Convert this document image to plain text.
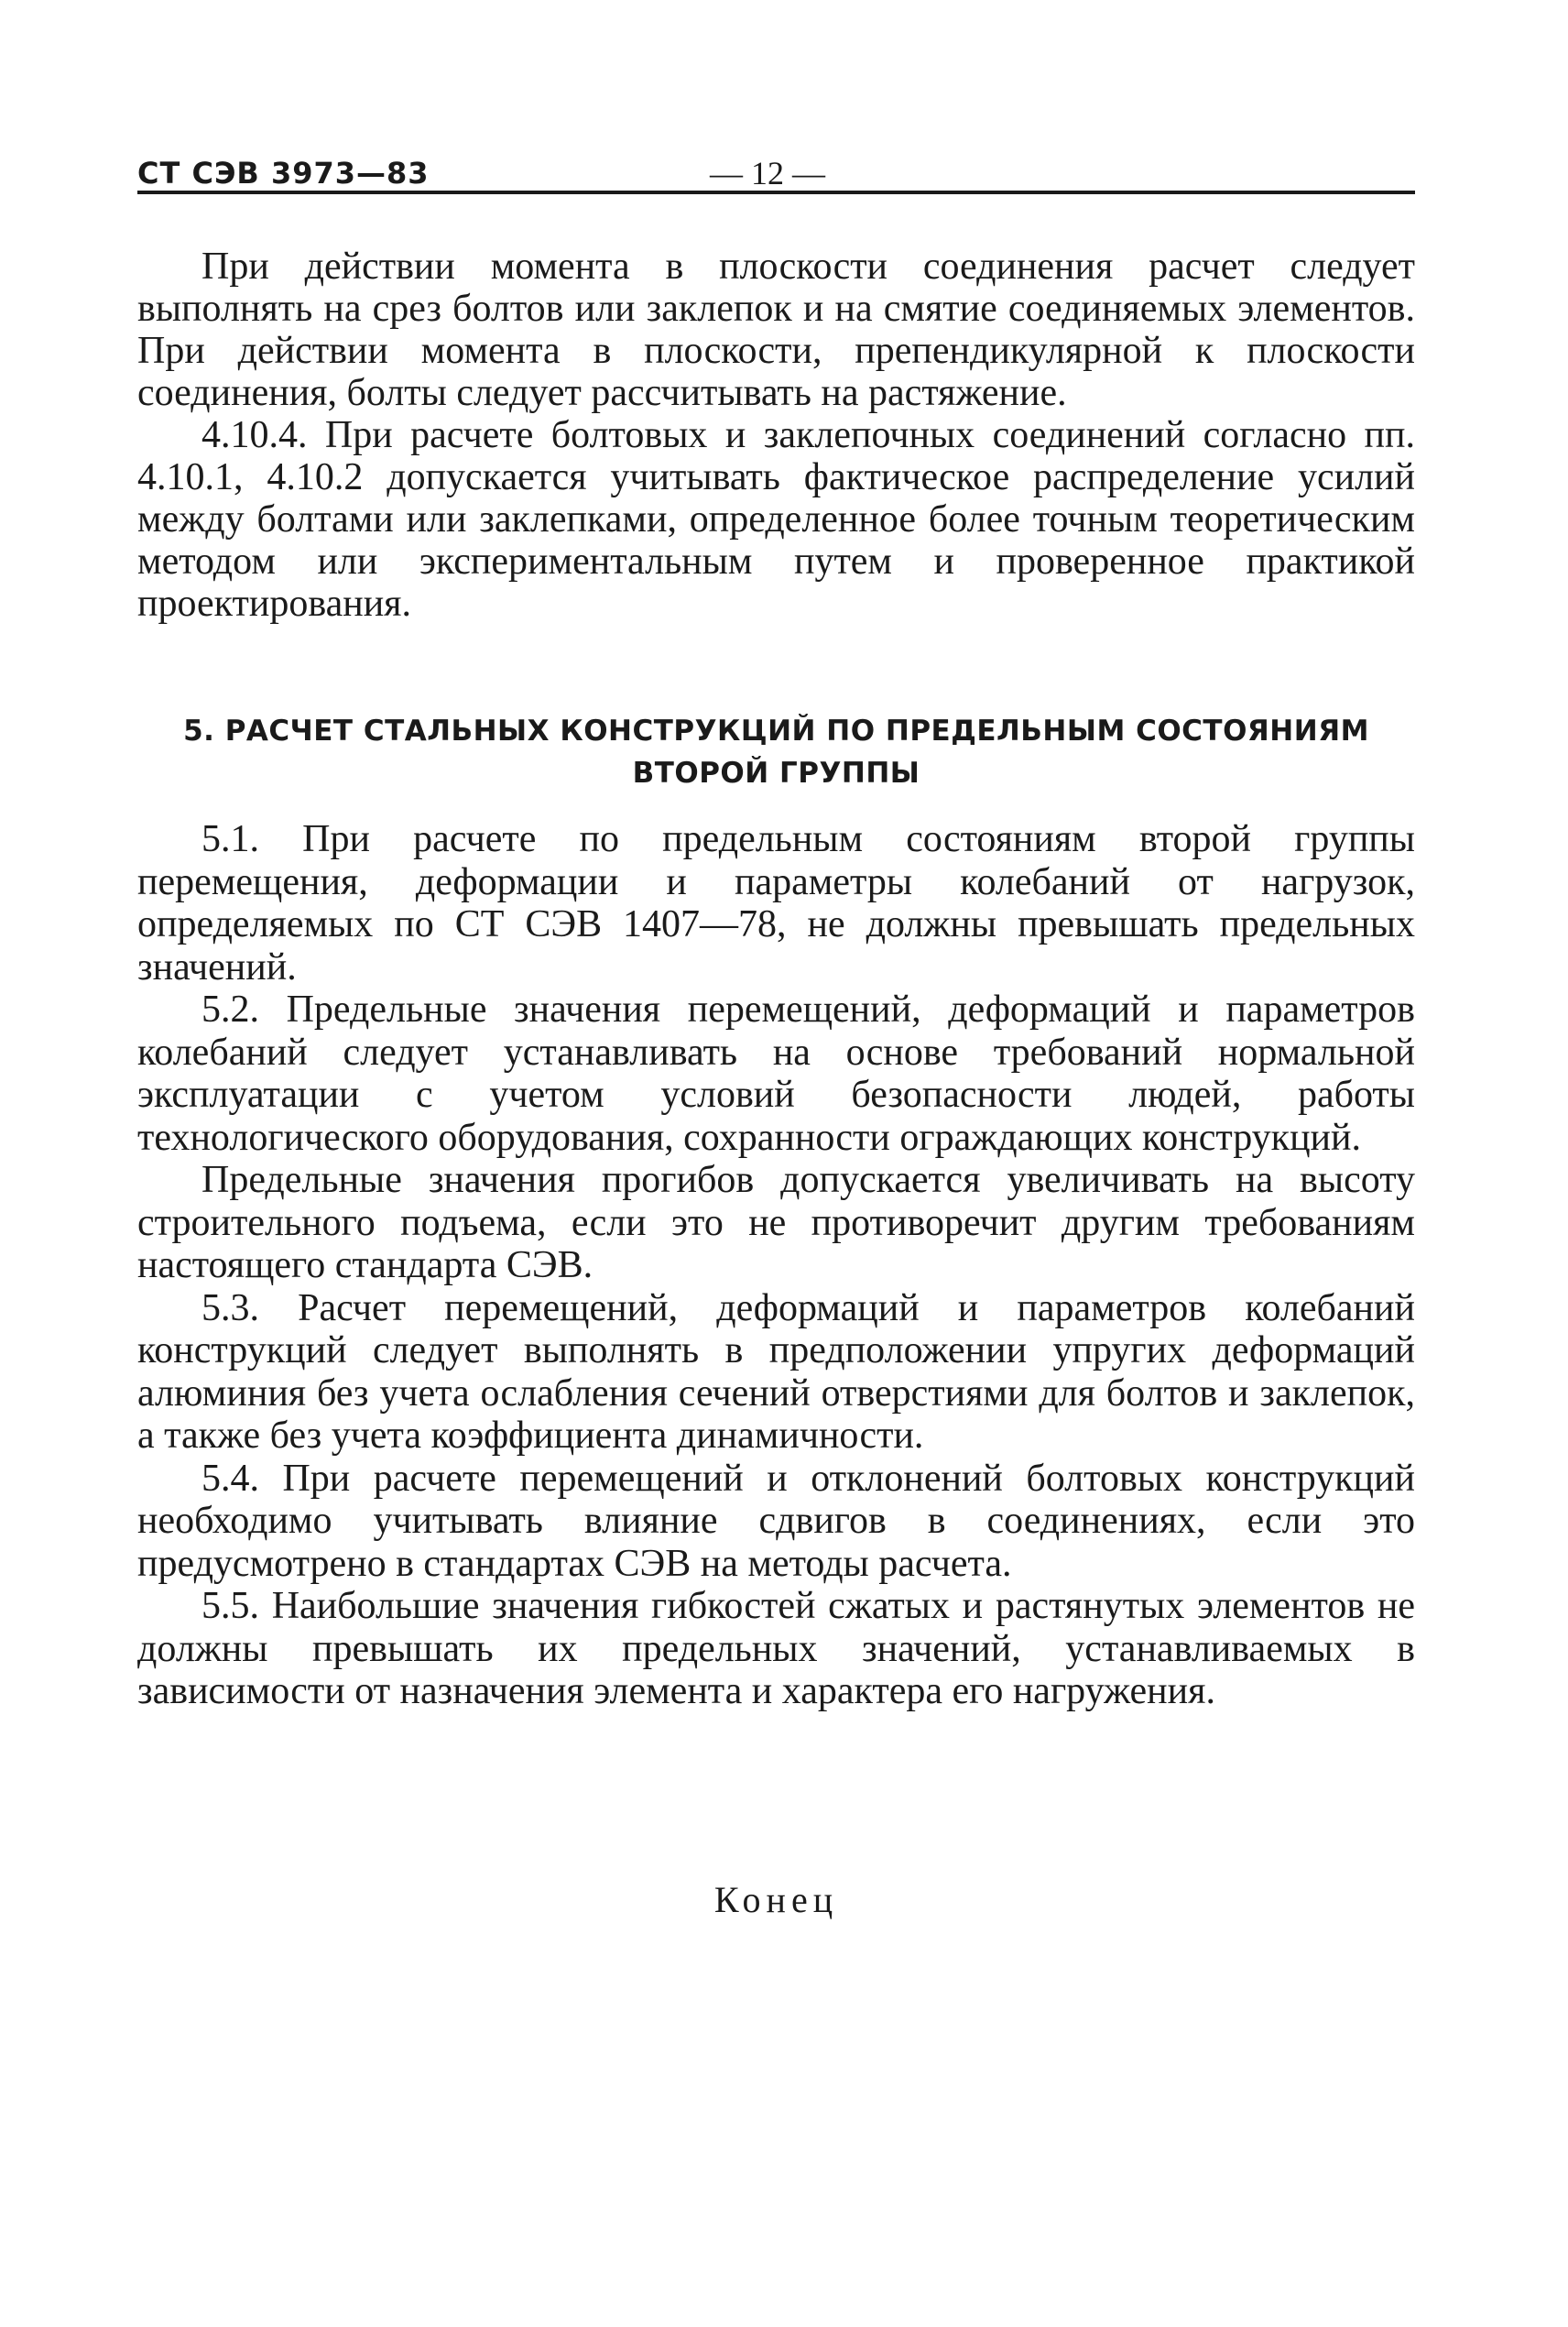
СТ СЭВ 3973—83	— 12 —

При действии момента в плоскости соединения расчет следует выполнять на срез болтов или заклепок и на смятие соединяемых элементов. При действии момента в плоскости, препендикулярной к плоскости соединения, болты следует рассчитывать на растяжение.

4.10.4. При расчете болтовых и заклепочных соединений согласно пп. 4.10.1, 4.10.2 допускается учитывать фактическое распределение усилий между болтами или заклепками, определенное более точным теоретическим методом или экспериментальным путем и проверенное практикой проектирования.

5. РАСЧЕТ СТАЛЬНЫХ КОНСТРУКЦИЙ ПО ПРЕДЕЛЬНЫМ СОСТОЯНИЯМ
ВТОРОЙ ГРУППЫ

5.1. При расчете по предельным состояниям второй группы перемещения, деформации и параметры колебаний от нагрузок, определяемых по СТ СЭВ 1407—78, не должны превышать предельных значений.

5.2. Предельные значения перемещений, деформаций и параметров колебаний следует устанавливать на основе требований нормальной эксплуатации с учетом условий безопасности людей, работы технологического оборудования, сохранности ограждающих конструкций.

Предельные значения прогибов допускается увеличивать на высоту строительного подъема, если это не противоречит другим требованиям настоящего стандарта СЭВ.

5.3. Расчет перемещений, деформаций и параметров колебаний конструкций следует выполнять в предположении упругих деформаций алюминия без учета ослабления сечений отверстиями для болтов и заклепок, а также без учета коэффициента динамичности.

5.4. При расчете перемещений и отклонений болтовых конструкций необходимо учитывать влияние сдвигов в соединениях, если это предусмотрено в стандартах СЭВ на методы расчета.

5.5. Наибольшие значения гибкостей сжатых и растянутых элементов не должны превышать их предельных значений, устанавливаемых в зависимости от назначения элемента и характера его нагружения.

Конец
